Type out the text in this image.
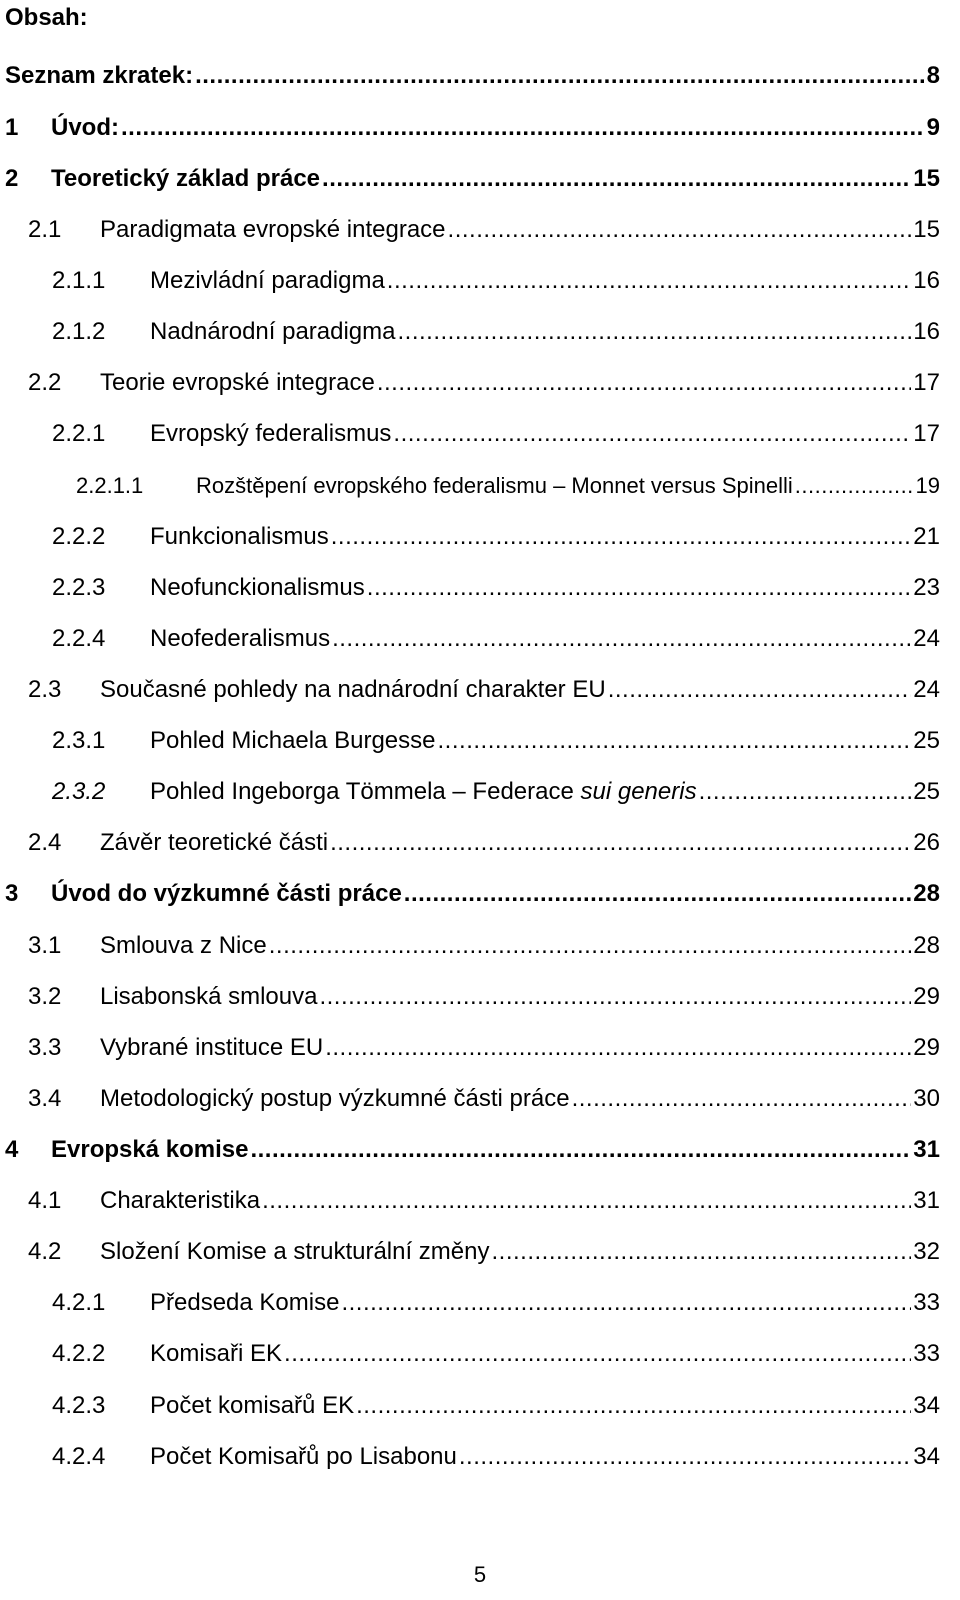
Obsah:
Seznam zkratek: .....	8
1	Úvod: .....	9
2	Teoretický základ práce .....	15
2.1	Paradigmata evropské integrace .....	15
2.1.1	Mezivládní paradigma .....	16
2.1.2	Nadnárodní paradigma .....	16
2.2	Teorie evropské integrace .....	17
2.2.1	Evropský federalismus .....	17
2.2.1.1	Rozštěpení evropského federalismu – Monnet versus Spinelli .....	19
2.2.2	Funkcionalismus .....	21
2.2.3	Neofunckionalismus .....	23
2.2.4	Neofederalismus .....	24
2.3	Současné pohledy na nadnárodní charakter EU .....	24
2.3.1	Pohled Michaela Burgesse .....	25
2.3.2	Pohled Ingeborga Tömmela – Federace sui generis .....	25
2.4	Závěr teoretické části .....	26
3	Úvod do výzkumné části práce .....	28
3.1	Smlouva z Nice .....	28
3.2	Lisabonská smlouva .....	29
3.3	Vybrané instituce EU .....	29
3.4	Metodologický postup výzkumné části práce .....	30
4	Evropská komise .....	31
4.1	Charakteristika .....	31
4.2	Složení Komise a strukturální změny .....	32
4.2.1	Předseda Komise .....	33
4.2.2	Komisaři EK .....	33
4.2.3	Počet komisařů EK .....	34
4.2.4	Počet Komisařů po Lisabonu .....	34
5
